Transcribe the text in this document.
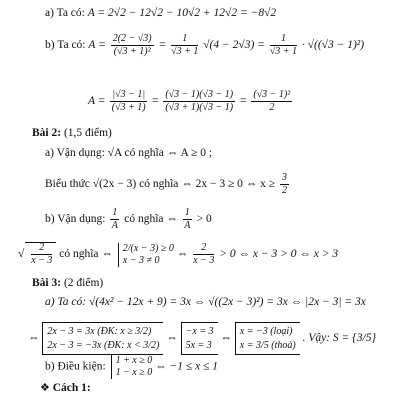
a) Ta có: A = 2√2 − 12√2 − 10√2 + 12√2 = −8√2
b) Ta có: $A = \frac{2(2 - √3)}{\text{(√3 + 1)²}} = \frac{1}{√3 + 1} √(4 - 2√3) = \frac{1}{√3 + 1} \cdot √((√3 - 1)^2)$
$A = \frac{|√3 - 1|}{(√3 + 1)} = \frac{(√3 - 1)(√3 - 1)}{(√3 + 1)(√3 - 1)} = \frac{\text{(√3 − 1)²}}{2}$
Bài 2: (1,5 điểm)
a) Vận dụng: √A có nghĩa ⇔ A ≥ 0 ;
Biểu thức √(2x − 3) có nghĩa ⇔ 2x − 3 ≥ 0 ⇔ $x \ge \frac{3}{2}$
b) Vận dụng: $\frac{1}{A}$ có nghĩa ⇔ $\frac{1}{A} > 0$

√ $\frac{2}{x - 3}$ có nghĩa ⇔
2/(x − 3) ≥ 0
x − 3 ≠ 0	⇔ $\frac{2}{x - 3} > 0$ ⇔ x − 3 > 0 ⇔ x > 3
Bài 3: (2 điểm)
a) Ta có: √(4x² − 12x + 9) = 3x ⇔ √((2x − 3)²) = 3x ⇔ |2x − 3| = 3x
⇔
2x − 3 = 3x (ĐK: x ≥ 3/2)
2x − 3 = −3x (ĐK: x < 3/2)
⇔
−x = 3
5x = 3
⇔
x = −3 (loại)
x = 3/5 (thoả)
. Vậy: S = {3/5}
b) Điều kiện:
1 + x ≥ 0
1 − x ≥ 0 ⇔ −1 ≤ x ≤ 1
❖ Cách 1:
